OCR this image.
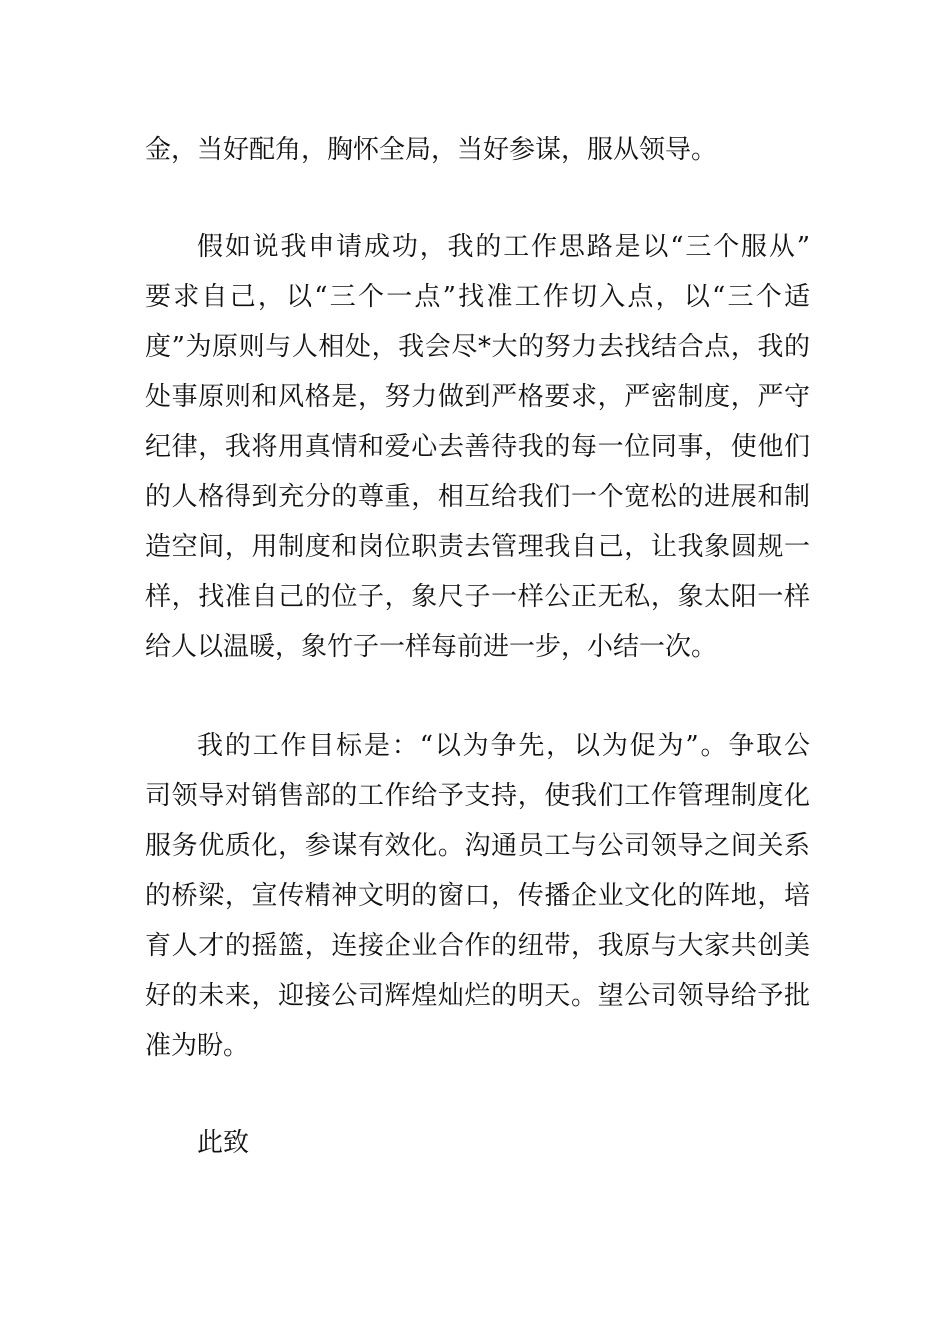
金，当好配角，胸怀全局，当好参谋，服从领导。
假如说我申请成功，我的工作思路是以“三个服从”
要求自己，以“三个一点”找准工作切入点，以“三个适
度”为原则与人相处，我会尽*大的努力去找结合点，我的
处事原则和风格是，努力做到严格要求，严密制度，严守
纪律，我将用真情和爱心去善待我的每一位同事，使他们
的人格得到充分的尊重，相互给我们一个宽松的进展和制
造空间，用制度和岗位职责去管理我自己，让我象圆规一
样，找准自己的位子，象尺子一样公正无私，象太阳一样
给人以温暖，象竹子一样每前进一步，小结一次。
我的工作目标是：“以为争先，以为促为”。争取公
司领导对销售部的工作给予支持，使我们工作管理制度化
服务优质化，参谋有效化。沟通员工与公司领导之间关系
的桥梁，宣传精神文明的窗口，传播企业文化的阵地，培
育人才的摇篮，连接企业合作的纽带，我原与大家共创美
好的未来，迎接公司辉煌灿烂的明天。望公司领导给予批
准为盼。
此致
